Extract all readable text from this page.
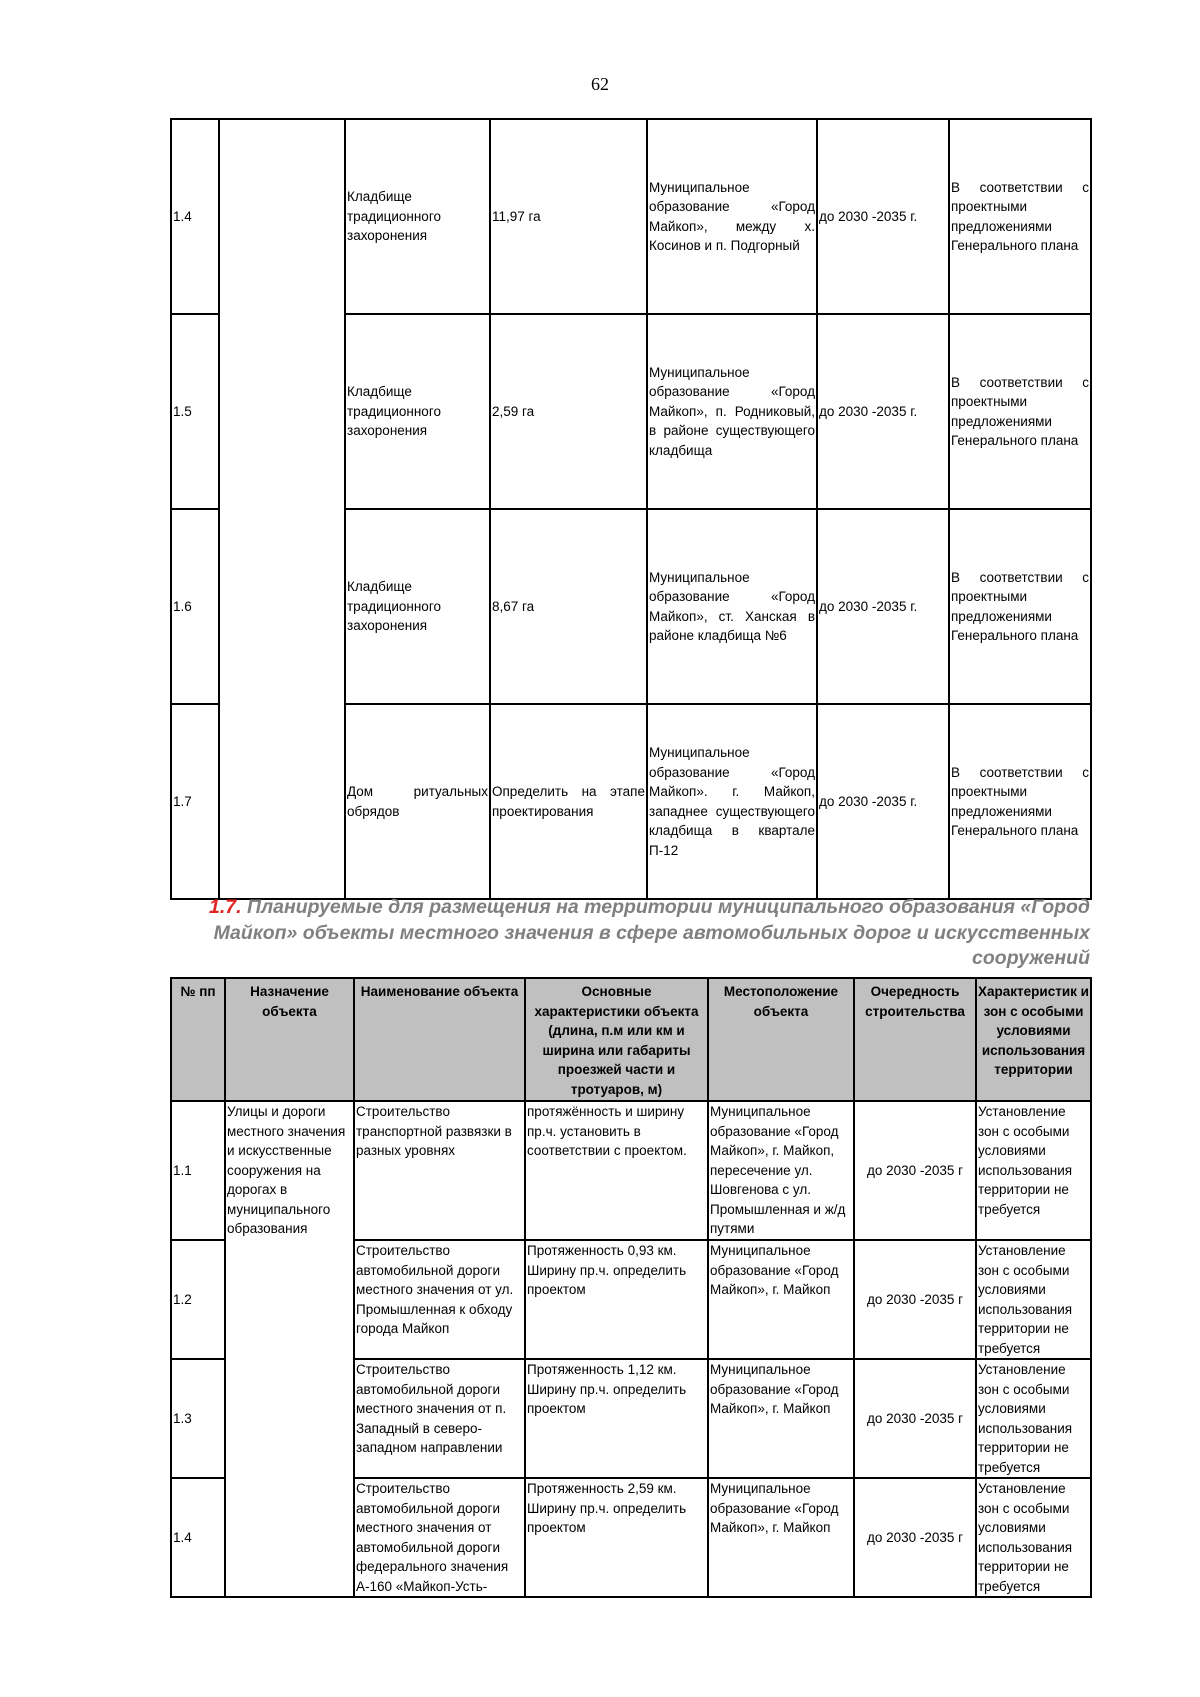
62
1.4		Кладбище традиционного захоронения	11,97 га	Муниципальное образование «Город Майкоп», между х. Косинов и п. Подгорный	до 2030 -2035 г.	В соответствии с проектными предложениями Генерального плана
1.5		Кладбище традиционного захоронения	2,59 га	Муниципальное образование «Город Майкоп», п. Родниковый, в районе существующего кладбища	до 2030 -2035 г.	В соответствии с проектными предложениями Генерального плана
1.6		Кладбище традиционного захоронения	8,67 га	Муниципальное образование «Город Майкоп», ст. Ханская в районе кладбища №6	до 2030 -2035 г.	В соответствии с проектными предложениями Генерального плана
1.7		Дом ритуальных обрядов	Определить на этапе проектирования	Муниципальное образование «Город Майкоп». г. Майкоп, западнее существующего кладбища в квартале П-12	до 2030 -2035 г.	В соответствии с проектными предложениями Генерального плана
1.7. Планируемые для размещения на территории муниципального образования «Город Майкоп» объекты местного значения в сфере автомобильных дорог и искусственных сооружений
№ пп	Назначение объекта	Наименование объекта	Основные характеристики объекта (длина, п.м или км и ширина или габариты проезжей части и тротуаров, м)	Местоположение объекта	Очередность строительства	Характеристик и зон с особыми условиями использования территории
1.1	Улицы и дороги местного значения и искусственные сооружения на дорогах в муниципального образования	Строительство транспортной развязки в разных уровнях	протяжённость и ширину пр.ч. установить в соответствии с проектом.	Муниципальное образование «Город Майкоп», г. Майкоп, пересечение ул. Шовгенова с ул. Промышленная и ж/д путями	до 2030 -2035 г	Установление зон с особыми условиями использования территории не требуется
1.2		Строительство автомобильной дороги местного значения от ул. Промышленная к обходу города Майкоп	Протяженность 0,93 км. Ширину пр.ч. определить проектом	Муниципальное образование «Город Майкоп», г. Майкоп	до 2030 -2035 г	Установление зон с особыми условиями использования территории не требуется
1.3		Строительство автомобильной дороги местного значения от п. Западный в северо-западном направлении	Протяженность 1,12 км. Ширину пр.ч. определить проектом	Муниципальное образование «Город Майкоп», г. Майкоп	до 2030 -2035 г	Установление зон с особыми условиями использования территории не требуется
1.4		Строительство автомобильной дороги местного значения от автомобильной дороги федерального значения А-160 «Майкоп-Усть-	Протяженность 2,59 км. Ширину пр.ч. определить проектом	Муниципальное образование «Город Майкоп», г. Майкоп	до 2030 -2035 г	Установление зон с особыми условиями использования территории не требуется
